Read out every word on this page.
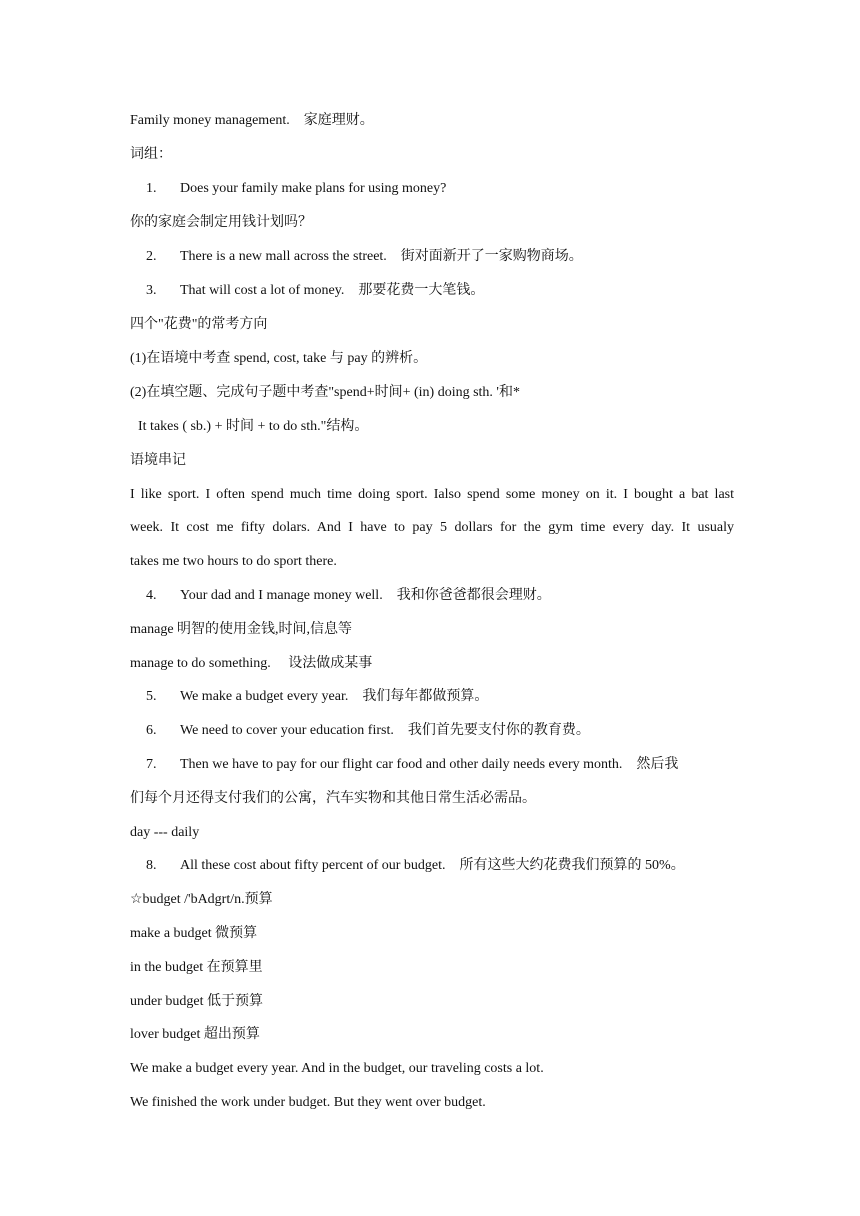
Family money management.　家庭理财。
词组：
1. Does your family make plans for using money?
你的家庭会制定用钱计划吗？
2. There is a new mall across the street.　街对面新开了一家购物商场。
3. That will cost a lot of money.　那要花费一大笔钱。
四个"花费"的常考方向
(1)在语境中考查 spend, cost, take 与 pay 的辨析。
(2)在填空题、完成句子题中考查"spend+时间+ (in) doing sth. '和*
It takes ( sb.) + 时间 + to do sth."结构。
语境串记
I like sport. I often spend much time doing sport. Ialso spend some money on it. I bought a bat last
week. It cost me fifty dolars. And I have to pay 5 dollars for the gym time every day. It usualy
takes me two hours to do sport there.
4. Your dad and I manage money well.　我和你爸爸都很会理财。
manage 明智的使用金钱,时间,信息等
manage to do something.　 设法做成某事
5. We make a budget every year.　我们每年都做预算。
6. We need to cover your education first.　我们首先要支付你的教育费。
7. Then we have to pay for our flight car food and other daily needs every month.　然后我
们每个月还得支付我们的公寓，汽车实物和其他日常生活必需品。
day --- daily
8. All these cost about fifty percent of our budget.　所有这些大约花费我们预算的 50%。
☆budget /'bAdgrt/n.预算
make a budget 微预算
in the budget 在预算里
under budget 低于预算
lover budget 超出预算
We make a budget every year. And in the budget, our traveling costs a lot.
We finished the work under budget. But they went over budget.
